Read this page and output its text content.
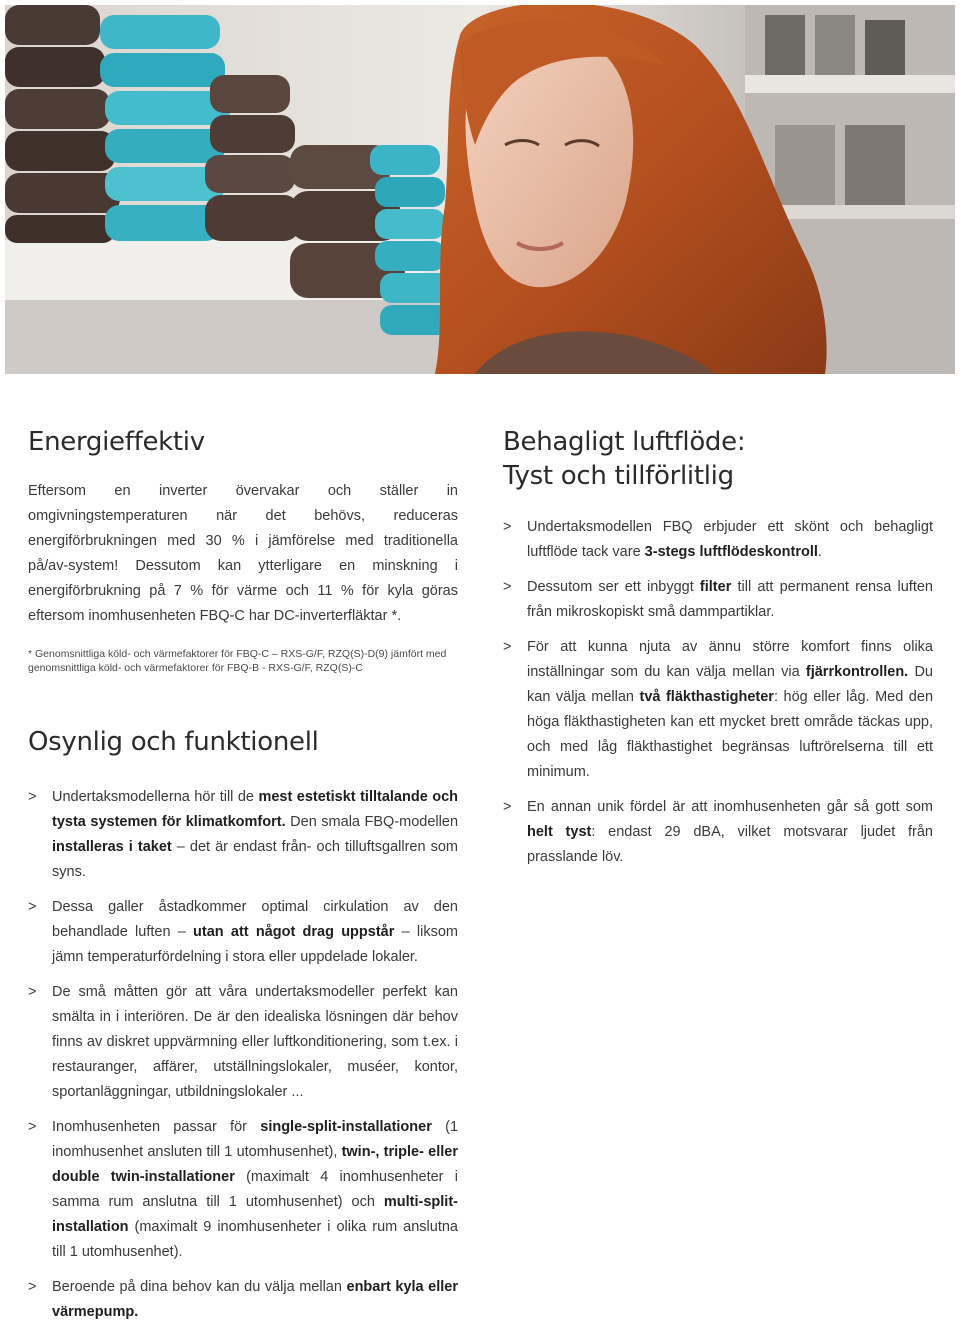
Energieffektiv

Eftersom en inverter övervakar och ställer in omgivningstemperaturen när det behövs, reduceras energiförbrukningen med 30 % i jämförelse med traditionella på/av-system! Dessutom kan ytterligare en minskning i energiförbrukning på 7 % för värme och 11 % för kyla göras eftersom inomhusenheten FBQ-C har DC-inverterfläktar *.

* Genomsnittliga köld- och värmefaktorer för FBQ-C – RXS-G/F, RZQ(S)-D(9) jämfört med genomsnittliga köld- och värmefaktorer för FBQ-B - RXS-G/F, RZQ(S)-C

Osynlig och funktionell
> Undertaksmodellerna hör till de mest estetiskt tilltalande och tysta systemen för klimatkomfort. Den smala FBQ-modellen installeras i taket – det är endast från- och tilluftsgallren som syns.
> Dessa galler åstadkommer optimal cirkulation av den behandlade luften – utan att något drag uppstår – liksom jämn temperaturfördelning i stora eller uppdelade lokaler.
> De små måtten gör att våra undertaksmodeller perfekt kan smälta in i interiören. De är den idealiska lösningen där behov finns av diskret uppvärmning eller luftkonditionering, som t.ex. i restauranger, affärer, utställningslokaler, muséer, kontor, sportanläggningar, utbildningslokaler ...
> Inomhusenheten passar för single-split-installationer (1 inomhusenhet ansluten till 1 utomhusenhet), twin-, triple- eller double twin-installationer (maximalt 4 inomhusenheter i samma rum anslutna till 1 utomhusenhet) och multi-split-installation (maximalt 9 inomhusenheter i olika rum anslutna till 1 utomhusenhet).
> Beroende på dina behov kan du välja mellan enbart kyla eller värmepump.
Behagligt luftflöde:
Tyst och tillförlitlig
> Undertaksmodellen FBQ erbjuder ett skönt och behagligt luftflöde tack vare 3-stegs luftflödeskontroll.
> Dessutom ser ett inbyggt filter till att permanent rensa luften från mikroskopiskt små dammpartiklar.
> För att kunna njuta av ännu större komfort finns olika inställningar som du kan välja mellan via fjärrkontrollen. Du kan välja mellan två fläkthastigheter: hög eller låg. Med den höga fläkthastigheten kan ett mycket brett område täckas upp, och med låg fläkthastighet begränsas luftrörelserna till ett minimum.
> En annan unik fördel är att inomhusenheten går så gott som helt tyst: endast 29 dBA, vilket motsvarar ljudet från prasslande löv.
